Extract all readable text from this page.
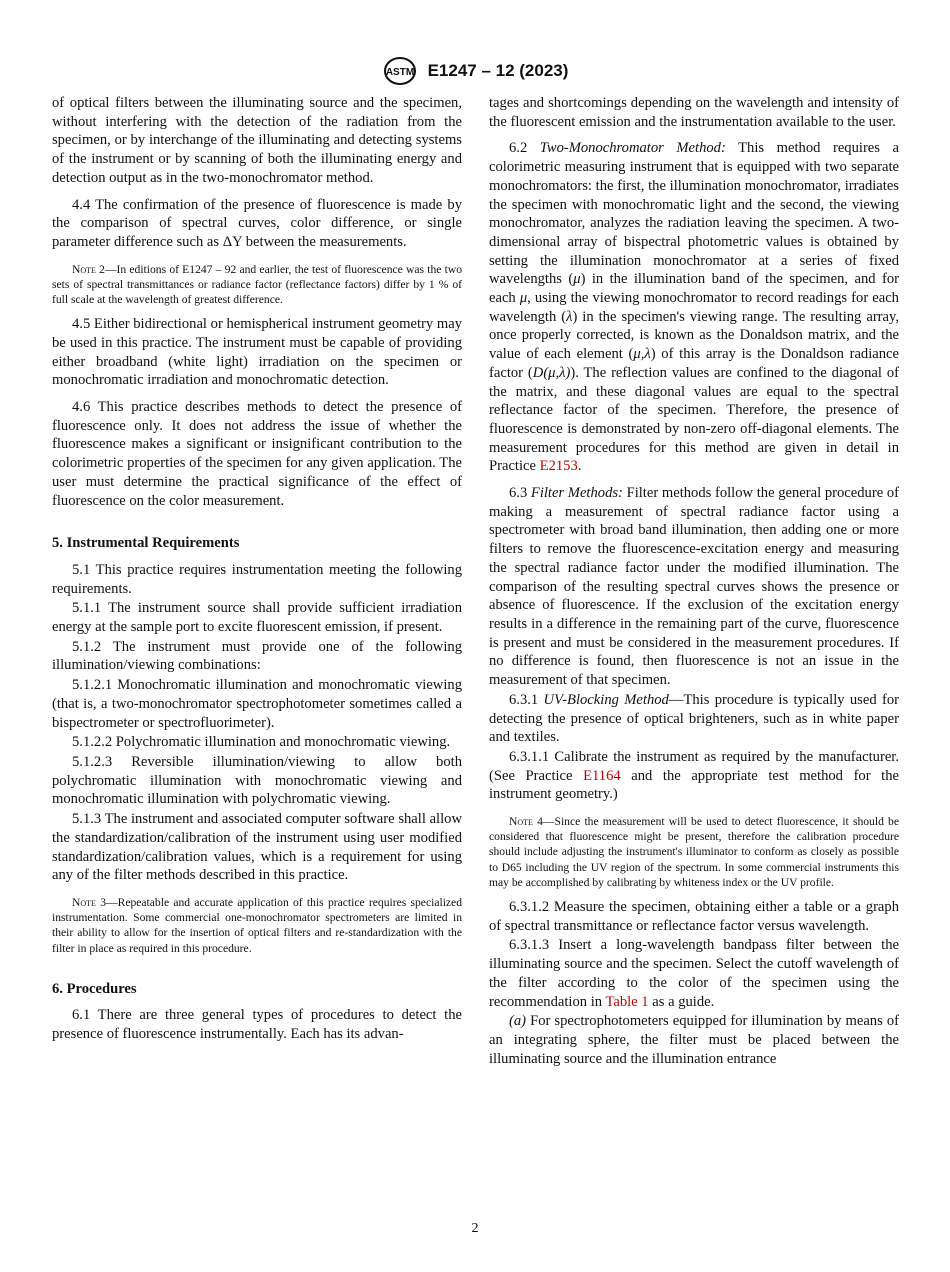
ASTM E1247 – 12 (2023)
of optical filters between the illuminating source and the specimen, without interfering with the detection of the radiation from the specimen, or by interchange of the illuminating and detecting systems of the instrument or by scanning of both the illuminating energy and detection output as in the two-monochromator method.
4.4 The confirmation of the presence of fluorescence is made by the comparison of spectral curves, color difference, or single parameter difference such as ΔY between the measurements.
Note 2—In editions of E1247 – 92 and earlier, the test of fluorescence was the two sets of spectral transmittances or radiance factor (reflectance factors) differ by 1 % of full scale at the wavelength of greatest difference.
4.5 Either bidirectional or hemispherical instrument geometry may be used in this practice. The instrument must be capable of providing either broadband (white light) irradiation on the specimen or monochromatic irradiation and monochromatic detection.
4.6 This practice describes methods to detect the presence of fluorescence only. It does not address the issue of whether the fluorescence makes a significant or insignificant contribution to the colorimetric properties of the specimen for any given application. The user must determine the practical significance of the effect of fluorescence on the color measurement.
5. Instrumental Requirements
5.1 This practice requires instrumentation meeting the following requirements.
5.1.1 The instrument source shall provide sufficient irradiation energy at the sample port to excite fluorescent emission, if present.
5.1.2 The instrument must provide one of the following illumination/viewing combinations:
5.1.2.1 Monochromatic illumination and monochromatic viewing (that is, a two-monochromator spectrophotometer sometimes called a bispectrometer or spectrofluorimeter).
5.1.2.2 Polychromatic illumination and monochromatic viewing.
5.1.2.3 Reversible illumination/viewing to allow both polychromatic illumination with monochromatic viewing and monochromatic illumination with polychromatic viewing.
5.1.3 The instrument and associated computer software shall allow the standardization/calibration of the instrument using user modified standardization/calibration values, which is a requirement for using any of the filter methods described in this practice.
Note 3—Repeatable and accurate application of this practice requires specialized instrumentation. Some commercial one-monochromator spectrometers are limited in their ability to allow for the insertion of optical filters and re-standardization with the filter in place as required in this procedure.
6. Procedures
6.1 There are three general types of procedures to detect the presence of fluorescence instrumentally. Each has its advan-
tages and shortcomings depending on the wavelength and intensity of the fluorescent emission and the instrumentation available to the user.
6.2 Two-Monochromator Method: This method requires a colorimetric measuring instrument that is equipped with two separate monochromators: the first, the illumination monochromator, irradiates the specimen with monochromatic light and the second, the viewing monochromator, analyzes the radiation leaving the specimen. A two-dimensional array of bispectral photometric values is obtained by setting the illumination monochromator at a series of fixed wavelengths (μ) in the illumination band of the specimen, and for each μ, using the viewing monochromator to record readings for each wavelength (λ) in the specimen's viewing range. The resulting array, once properly corrected, is known as the Donaldson matrix, and the value of each element (μ,λ) of this array is the Donaldson radiance factor (D(μ,λ)). The reflection values are confined to the diagonal of the matrix, and these diagonal values are equal to the spectral reflectance factor of the specimen. Therefore, the presence of fluorescence is demonstrated by non-zero off-diagonal elements. The measurement procedures for this method are given in detail in Practice E2153.
6.3 Filter Methods: Filter methods follow the general procedure of making a measurement of spectral radiance factor using a spectrometer with broad band illumination, then adding one or more filters to remove the fluorescence-excitation energy and measuring the spectral radiance factor under the modified illumination. The comparison of the resulting spectral curves shows the presence or absence of fluorescence. If the exclusion of the excitation energy results in a difference in the remaining part of the curve, fluorescence is present and must be considered in the measurement procedures. If no difference is found, then fluorescence is not an issue in the measurement of that specimen.
6.3.1 UV-Blocking Method—This procedure is typically used for detecting the presence of optical brighteners, such as in white paper and textiles.
6.3.1.1 Calibrate the instrument as required by the manufacturer. (See Practice E1164 and the appropriate test method for the instrument geometry.)
Note 4—Since the measurement will be used to detect fluorescence, it should be considered that fluorescence might be present, therefore the calibration procedure should include adjusting the instrument's illuminator to conform as closely as possible to D65 including the UV region of the spectrum. In some commercial instruments this may be accomplished by calibrating by whiteness index or the UV profile.
6.3.1.2 Measure the specimen, obtaining either a table or a graph of spectral transmittance or reflectance factor versus wavelength.
6.3.1.3 Insert a long-wavelength bandpass filter between the illuminating source and the specimen. Select the cutoff wavelength of the filter according to the color of the specimen using the recommendation in Table 1 as a guide.
(a) For spectrophotometers equipped for illumination by means of an integrating sphere, the filter must be placed between the illuminating source and the illumination entrance
2
